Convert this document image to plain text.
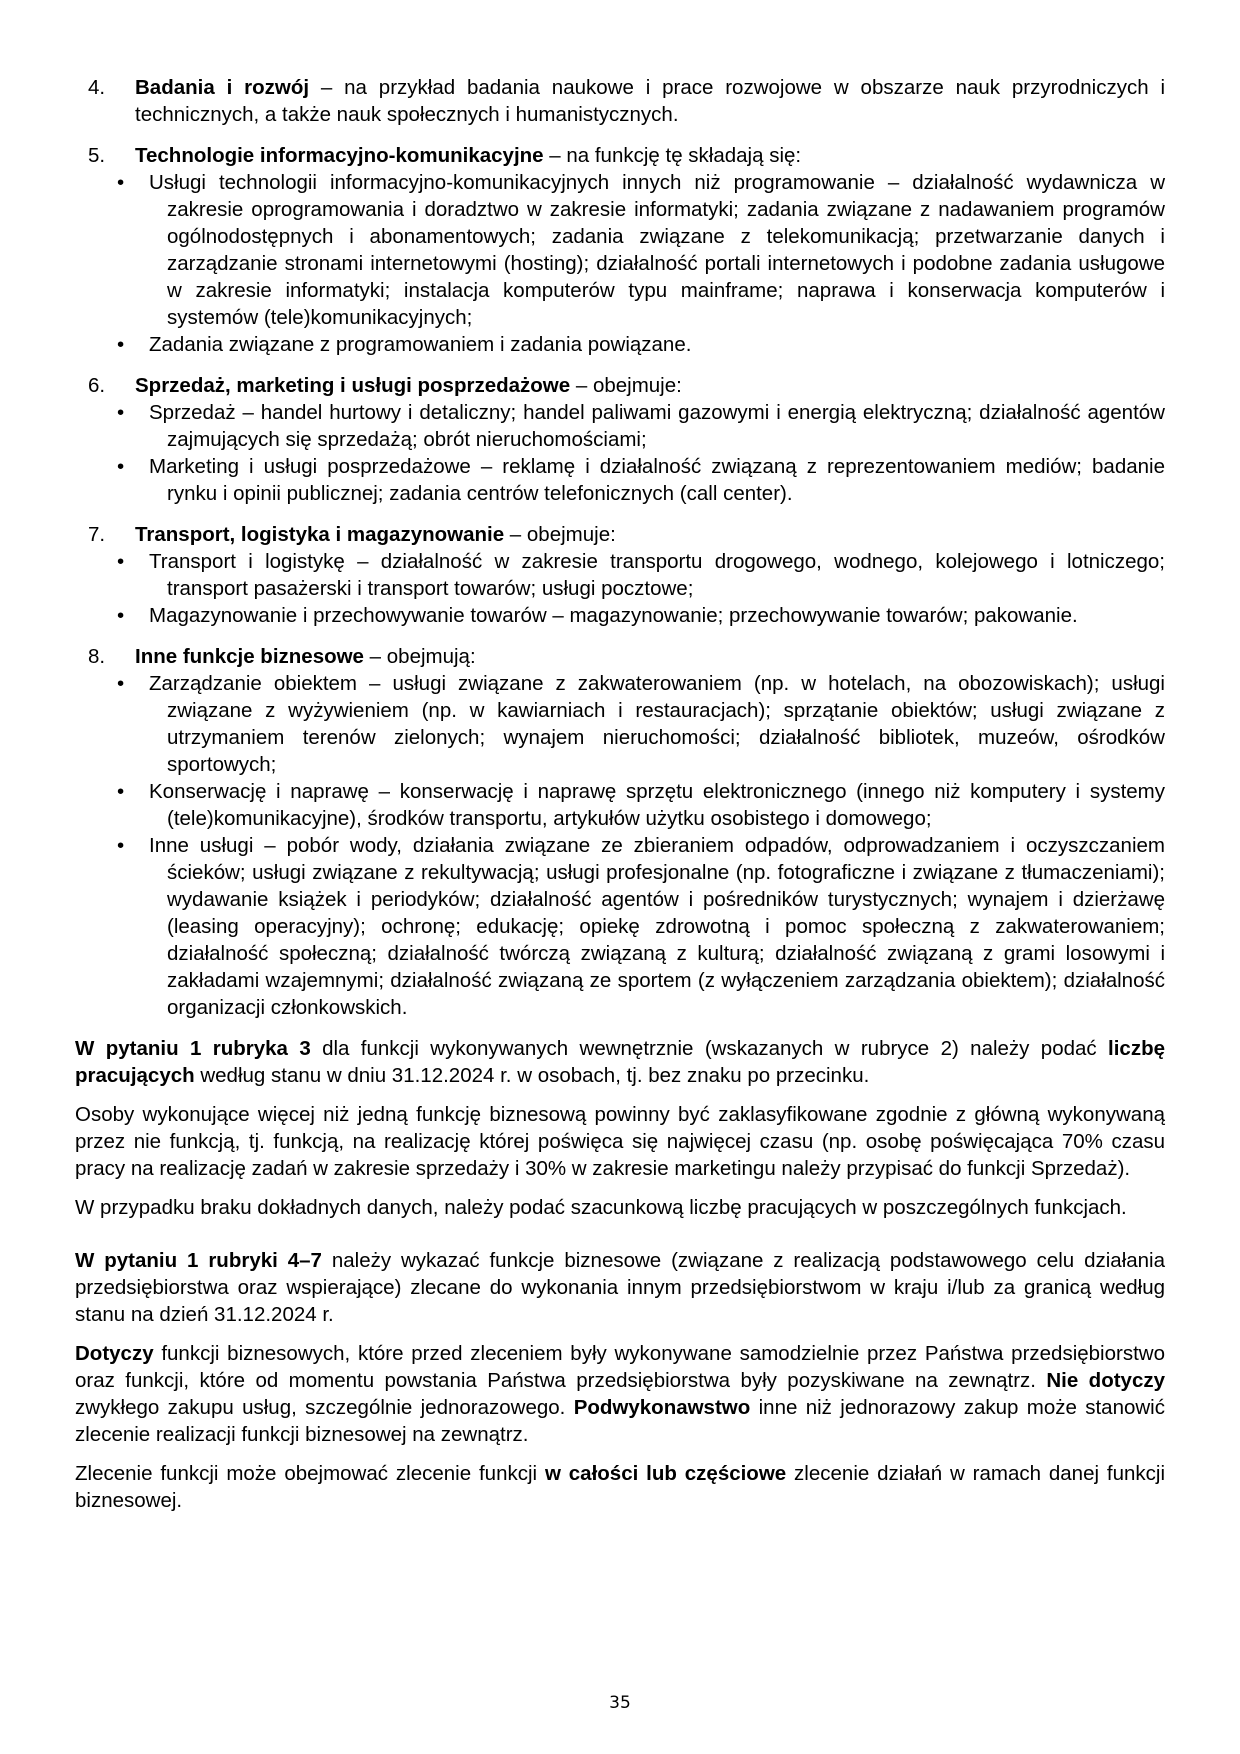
4.	Badania i rozwój – na przykład badania naukowe i prace rozwojowe w obszarze nauk przyrodniczych i technicznych, a także nauk społecznych i humanistycznych.
5.	Technologie informacyjno-komunikacyjne – na funkcję tę składają się:
• Usługi technologii informacyjno-komunikacyjnych innych niż programowanie – działalność wydawnicza w zakresie oprogramowania i doradztwo w zakresie informatyki; zadania związane z nadawaniem programów ogólnodostępnych i abonamentowych; zadania związane z telekomunikacją; przetwarzanie danych i zarządzanie stronami internetowymi (hosting); działalność portali internetowych i podobne zadania usługowe w zakresie informatyki; instalacja komputerów typu mainframe; naprawa i konserwacja komputerów i systemów (tele)komunikacyjnych;
• Zadania związane z programowaniem i zadania powiązane.
6.	Sprzedaż, marketing i usługi posprzedażowe – obejmuje:
• Sprzedaż – handel hurtowy i detaliczny; handel paliwami gazowymi i energią elektryczną; działalność agentów zajmujących się sprzedażą; obrót nieruchomościami;
• Marketing i usługi posprzedażowe – reklamę i działalność związaną z reprezentowaniem mediów; badanie rynku i opinii publicznej; zadania centrów telefonicznych (call center).
7.	Transport, logistyka i magazynowanie – obejmuje:
• Transport i logistykę – działalność w zakresie transportu drogowego, wodnego, kolejowego i lotniczego; transport pasażerski i transport towarów; usługi pocztowe;
• Magazynowanie i przechowywanie towarów – magazynowanie; przechowywanie towarów; pakowanie.
8.	Inne funkcje biznesowe – obejmują:
• Zarządzanie obiektem – usługi związane z zakwaterowaniem (np. w hotelach, na obozowiskach); usługi związane z wyżywieniem (np. w kawiarniach i restauracjach); sprzątanie obiektów; usługi związane z utrzymaniem terenów zielonych; wynajem nieruchomości; działalność bibliotek, muzeów, ośrodków sportowych;
• Konserwację i naprawę – konserwację i naprawę sprzętu elektronicznego (innego niż komputery i systemy (tele)komunikacyjne), środków transportu, artykułów użytku osobistego i domowego;
• Inne usługi – pobór wody, działania związane ze zbieraniem odpadów, odprowadzaniem i oczyszczaniem ścieków; usługi związane z rekultywacją; usługi profesjonalne (np. fotograficzne i związane z tłumaczeniami); wydawanie książek i periodyków; działalność agentów i pośredników turystycznych; wynajem i dzierżawę (leasing operacyjny); ochronę; edukację; opiekę zdrowotną i pomoc społeczną z zakwaterowaniem; działalność społeczną; działalność twórczą związaną z kulturą; działalność związaną z grami losowymi i zakładami wzajemnymi; działalność związaną ze sportem (z wyłączeniem zarządzania obiektem); działalność organizacji członkowskich.

W pytaniu 1 rubryka 3 dla funkcji wykonywanych wewnętrznie (wskazanych w rubryce 2) należy podać liczbę pracujących według stanu w dniu 31.12.2024 r. w osobach, tj. bez znaku po przecinku.

Osoby wykonujące więcej niż jedną funkcję biznesową powinny być zaklasyfikowane zgodnie z główną wykonywaną przez nie funkcją, tj. funkcją, na realizację której poświęca się najwięcej czasu (np. osobę poświęcająca 70% czasu pracy na realizację zadań w zakresie sprzedaży i 30% w zakresie marketingu należy przypisać do funkcji Sprzedaż).

W przypadku braku dokładnych danych, należy podać szacunkową liczbę pracujących w poszczególnych funkcjach.

W pytaniu 1 rubryki 4–7 należy wykazać funkcje biznesowe (związane z realizacją podstawowego celu działania przedsiębiorstwa oraz wspierające) zlecane do wykonania innym przedsiębiorstwom w kraju i/lub za granicą według stanu na dzień 31.12.2024 r.

Dotyczy funkcji biznesowych, które przed zleceniem były wykonywane samodzielnie przez Państwa przedsiębiorstwo oraz funkcji, które od momentu powstania Państwa przedsiębiorstwa były pozyskiwane na zewnątrz. Nie dotyczy zwykłego zakupu usług, szczególnie jednorazowego. Podwykonawstwo inne niż jednorazowy zakup może stanowić zlecenie realizacji funkcji biznesowej na zewnątrz.

Zlecenie funkcji może obejmować zlecenie funkcji w całości lub częściowe zlecenie działań w ramach danej funkcji biznesowej.

35
